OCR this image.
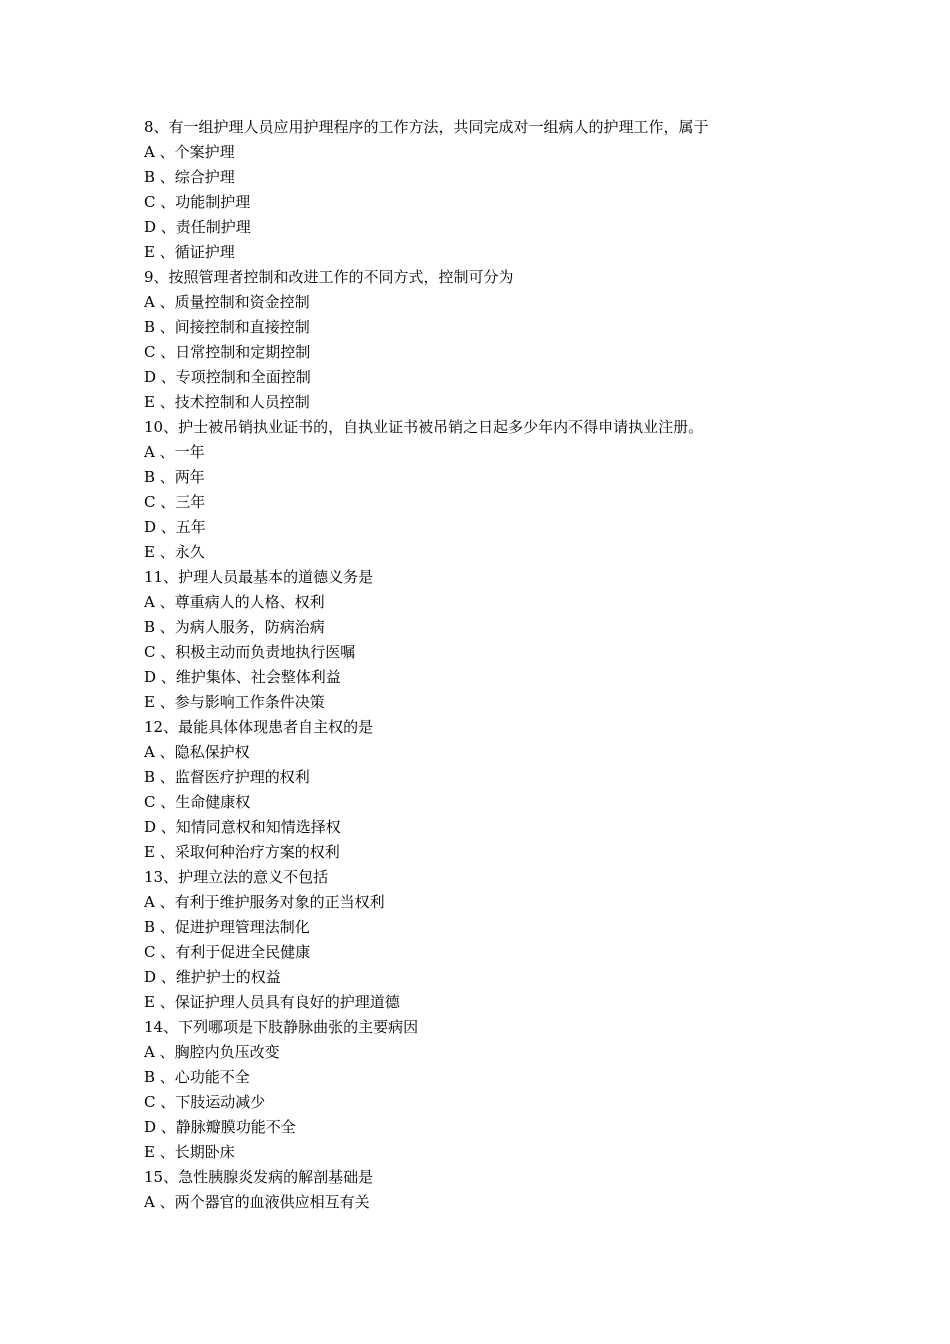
8、有一组护理人员应用护理程序的工作方法，共同完成对一组病人的护理工作，属于
A 、个案护理
B 、综合护理
C 、功能制护理
D 、责任制护理
E 、循证护理
9、按照管理者控制和改进工作的不同方式，控制可分为
A 、质量控制和资金控制
B 、间接控制和直接控制
C 、日常控制和定期控制
D 、专项控制和全面控制
E 、技术控制和人员控制
10、护士被吊销执业证书的，自执业证书被吊销之日起多少年内不得申请执业注册。
A 、一年
B 、两年
C 、三年
D 、五年
E 、永久
11、护理人员最基本的道德义务是
A 、尊重病人的人格、权利
B 、为病人服务，防病治病
C 、积极主动而负责地执行医嘱
D 、维护集体、社会整体利益
E 、参与影响工作条件决策
12、最能具体体现患者自主权的是
A 、隐私保护权
B 、监督医疗护理的权利
C 、生命健康权
D 、知情同意权和知情选择权
E 、采取何种治疗方案的权利
13、护理立法的意义不包括
A 、有利于维护服务对象的正当权利
B 、促进护理管理法制化
C 、有利于促进全民健康
D 、维护护士的权益
E 、保证护理人员具有良好的护理道德
14、下列哪项是下肢静脉曲张的主要病因
A 、胸腔内负压改变
B 、心功能不全
C 、下肢运动减少
D 、静脉瓣膜功能不全
E 、长期卧床
15、急性胰腺炎发病的解剖基础是
A 、两个器官的血液供应相互有关
